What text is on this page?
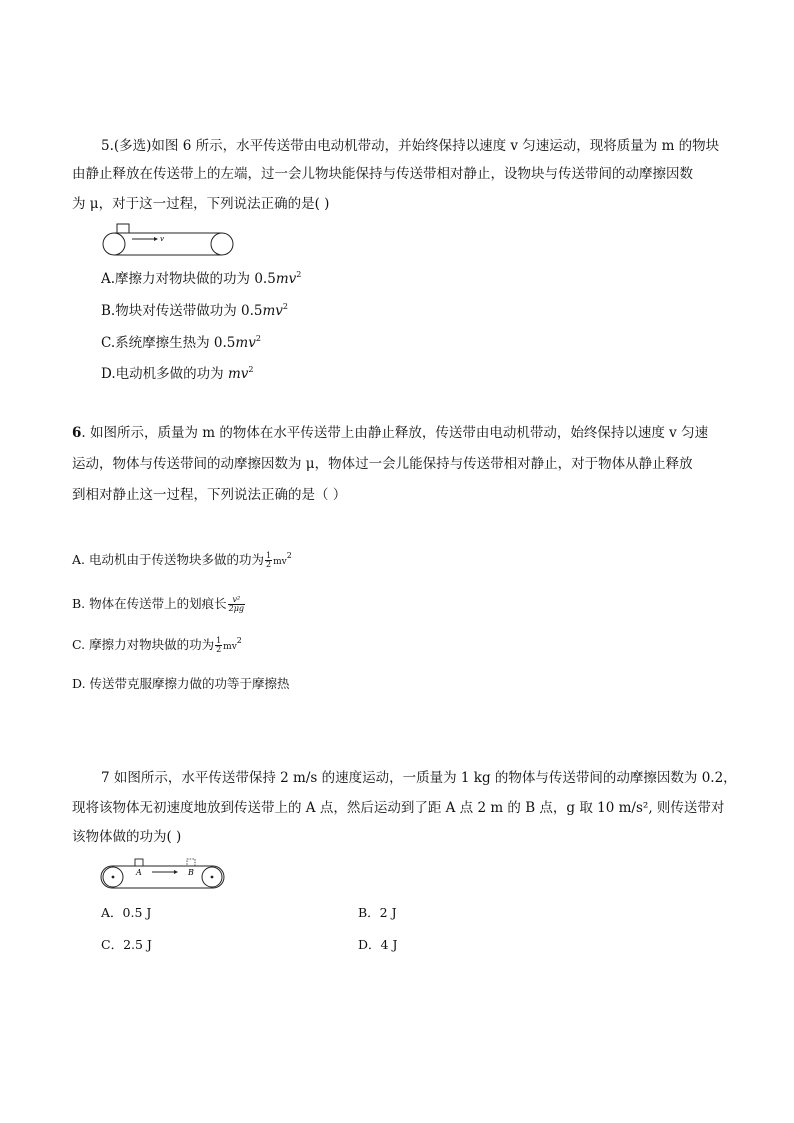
5.(多选)如图 6 所示，水平传送带由电动机带动，并始终保持以速度 v 匀速运动，现将质量为 m 的物块
由静止释放在传送带上的左端，过一会儿物块能保持与传送带相对静止，设物块与传送带间的动摩擦因数
为 μ，对于这一过程，下列说法正确的是( )
v
A.摩擦力对物块做的功为 $0.5mv^2$
B.物块对传送带做功为 $0.5mv^2$
C.系统摩擦生热为 $0.5mv^2$
D.电动机多做的功为 $mv^2$
6. 如图所示，质量为 m 的物体在水平传送带上由静止释放，传送带由电动机带动，始终保持以速度 v 匀速
运动，物体与传送带间的动摩擦因数为 μ，物体过一会儿能保持与传送带相对静止，对于物体从静止释放
到相对静止这一过程，下列说法正确的是（ ）
A. 电动机由于传送物块多做的功为 $\frac{1}{2} mv^2$
B. 物体在传送带上的划痕长 $\frac{\text{v²}}{2\mu g}$
C. 摩擦力对物块做的功为 $\frac{1}{2} mv^2$
D. 传送带克服摩擦力做的功等于摩擦热
7 如图所示，水平传送带保持 2 m/s 的速度运动，一质量为 1 kg 的物体与传送带间的动摩擦因数为 0.2，
现将该物体无初速度地放到传送带上的 A 点，然后运动到了距 A 点 2 m 的 B 点，g 取 10 m/s², 则传送带对
该物体做的功为( )
A	B
A．0.5 J	B．2 J
C．2.5 J	D．4 J
